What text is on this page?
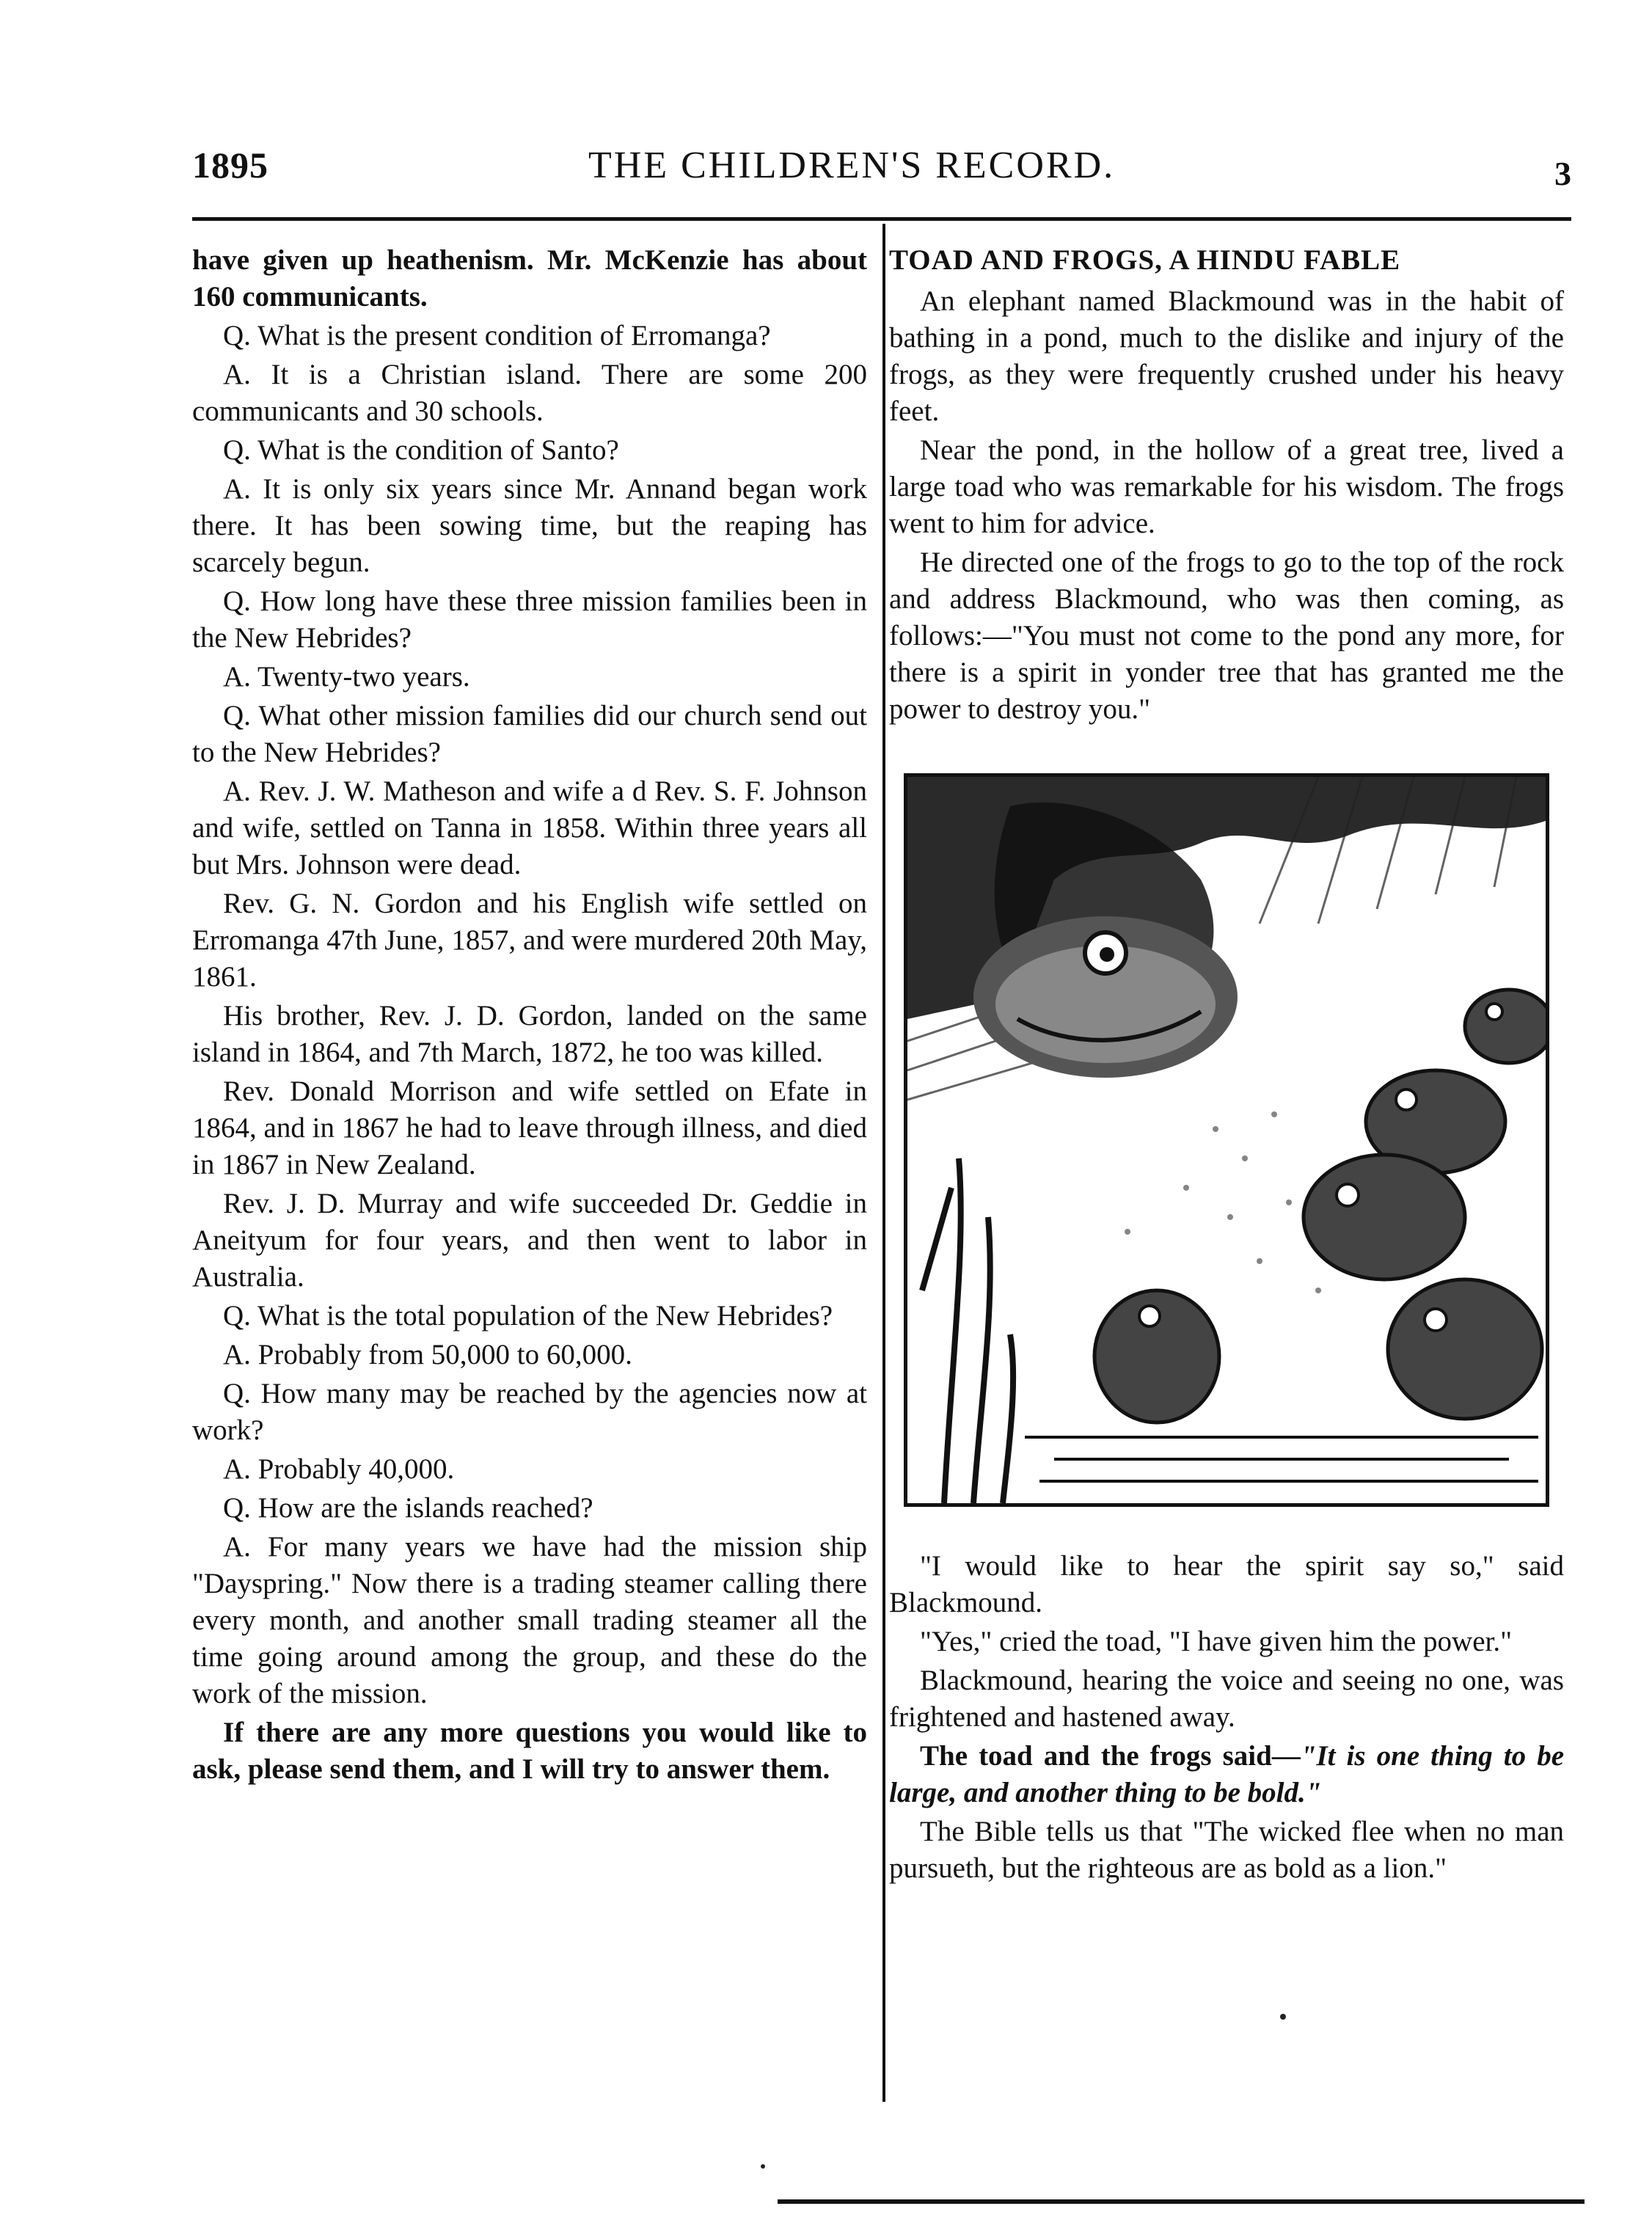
1895	THE CHILDREN'S RECORD.	3

have given up heathenism. Mr. McKenzie has about 160 communicants.

Q. What is the present condition of Erromanga?

A. It is a Christian island. There are some 200 communicants and 30 schools.

Q. What is the condition of Santo?

A. It is only six years since Mr. Annand began work there. It has been sowing time, but the reaping has scarcely begun.

Q. How long have these three mission families been in the New Hebrides?

A. Twenty-two years.

Q. What other mission families did our church send out to the New Hebrides?

A. Rev. J. W. Matheson and wife a d Rev. S. F. Johnson and wife, settled on Tanna in 1858. Within three years all but Mrs. Johnson were dead.

Rev. G. N. Gordon and his English wife settled on Erromanga 47th June, 1857, and were murdered 20th May, 1861.

His brother, Rev. J. D. Gordon, landed on the same island in 1864, and 7th March, 1872, he too was killed.

Rev. Donald Morrison and wife settled on Efate in 1864, and in 1867 he had to leave through illness, and died in 1867 in New Zealand.

Rev. J. D. Murray and wife succeeded Dr. Geddie in Aneityum for four years, and then went to labor in Australia.

Q. What is the total population of the New Hebrides?

A. Probably from 50,000 to 60,000.

Q. How many may be reached by the agencies now at work?

A. Probably 40,000.

Q. How are the islands reached?

A. For many years we have had the mission ship "Dayspring." Now there is a trading steamer calling there every month, and another small trading steamer all the time going around among the group, and these do the work of the mission.

If there are any more questions you would like to ask, please send them, and I will try to answer them.

TOAD AND FROGS, A HINDU FABLE

An elephant named Blackmound was in the habit of bathing in a pond, much to the dislike and injury of the frogs, as they were frequently crushed under his heavy feet.

Near the pond, in the hollow of a great tree, lived a large toad who was remarkable for his wisdom. The frogs went to him for advice.

He directed one of the frogs to go to the top of the rock and address Blackmound, who was then coming, as follows:—"You must not come to the pond any more, for there is a spirit in yonder tree that has granted me the power to destroy you."

"I would like to hear the spirit say so," said Blackmound.

"Yes," cried the toad, "I have given him the power."

Blackmound, hearing the voice and seeing no one, was frightened and hastened away.

The toad and the frogs said—"It is one thing to be large, and another thing to be bold."

The Bible tells us that "The wicked flee when no man pursueth, but the righteous are as bold as a lion."
